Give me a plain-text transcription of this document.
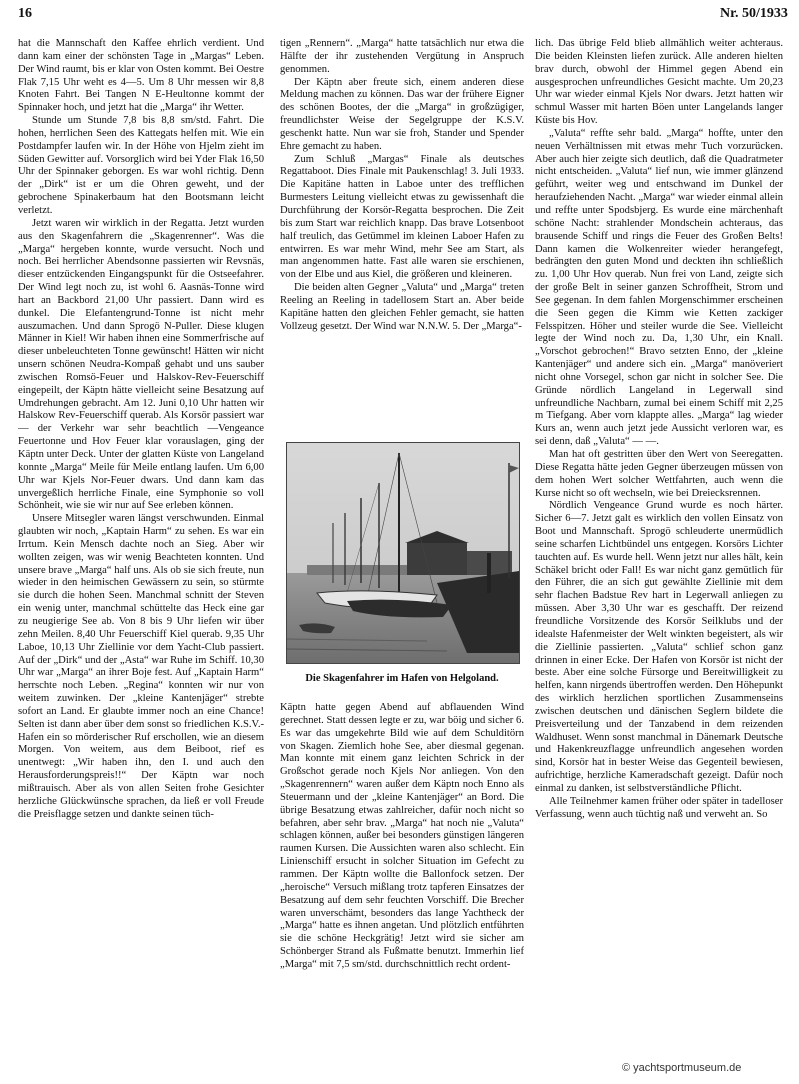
16	Nr. 50/1933

hat die Mannschaft den Kaffee ehrlich verdient. Und dann kam einer der schönsten Tage in „Margas“ Leben. Der Wind raumt, bis er klar von Osten kommt. Bei Oestre Flak 7,15 Uhr weht es 4—5. Um 8 Uhr messen wir 8,8 Knoten Fahrt. Bei Tangen N E-Heultonne kommt der Spinnaker hoch, und jetzt hat die „Marga“ ihr Wetter.

Stunde um Stunde 7,8 bis 8,8 sm/std. Fahrt. Die hohen, herrlichen Seen des Kattegats helfen mit. Wie ein Postdampfer laufen wir. In der Höhe von Hjelm zieht im Süden Gewitter auf. Vorsorglich wird bei Yder Flak 16,50 Uhr der Spinnaker geborgen. Es war wohl richtig. Denn der „Dirk“ ist er um die Ohren geweht, und der gebrochene Spinakerbaum hat den Bootsmann leicht verletzt.

Jetzt waren wir wirklich in der Regatta. Jetzt wurden aus den Skagenfahrern die „Skagenrenner“. Was die „Marga“ hergeben konnte, wurde versucht. Noch und noch. Bei herrlicher Abendsonne passierten wir Revsnäs, dieser entzückenden Eingangspunkt für die Ostseefahrer. Der Wind legt noch zu, ist wohl 6. Aasnäs-Tonne wird hart an Backbord 21,00 Uhr passiert. Dann wird es dunkel. Die Elefantengrund-Tonne ist nicht mehr auszumachen. Und dann Sprogö N-Puller. Diese klugen Männer in Kiel! Wir haben ihnen eine Sommerfrische auf dieser unbeleuchteten Tonne gewünscht! Hätten wir nicht unsern schönen Neudra-Kompaß gehabt und uns sauber zwischen Romsö-Feuer und Halskov-Rev-Feuerschiff eingepeilt, der Käptn hätte vielleicht seine Besatzung auf Umdrehungen gebracht. Am 12. Juni 0,10 Uhr hatten wir Halskow Rev-Feuerschiff querab. Als Korsör passiert war — der Verkehr war sehr beachtlich —Vengeance Feuertonne und Hov Feuer klar vorauslagen, ging der Käptn unter Deck. Unter der glatten Küste von Langeland konnte „Marga“ Meile für Meile entlang laufen. Um 6,00 Uhr war Kjels Nor-Feuer dwars. Und dann kam das unvergeßlich herrliche Finale, eine Symphonie so voll Schönheit, wie sie wir nur auf See erleben können.

Unsere Mitsegler waren längst verschwunden. Einmal glaubten wir noch, „Kaptain Harm“ zu sehen. Es war ein Irrtum. Kein Mensch dachte noch an Sieg. Aber wir wollten zeigen, was wir wenig Beachteten konnten. Und unsere brave „Marga“ half uns. Als ob sie sich freute, nun wieder in den heimischen Gewässern zu sein, so stürmte sie durch die hohen Seen. Manchmal schnitt der Steven ein wenig unter, manchmal schüttelte das Heck eine gar zu neugierige See ab. Von 8 bis 9 Uhr liefen wir über zehn Meilen. 8,40 Uhr Feuerschiff Kiel querab. 9,35 Uhr Laboe, 10,13 Uhr Ziellinie vor dem Yacht-Club passiert. Auf der „Dirk“ und der „Asta“ war Ruhe im Schiff. 10,30 Uhr war „Marga“ an ihrer Boje fest. Auf „Kaptain Harm“ herrschte noch Leben. „Regina“ konnten wir nur von weitem zuwinken. Der „kleine Kantenjäger“ strebte sofort an Land. Er glaubte immer noch an eine Chance! Selten ist dann aber über dem sonst so friedlichen K.S.V.-Hafen ein so mörderischer Ruf erschollen, wie an diesem Morgen. Von weitem, aus dem Beiboot, rief es unentwegt: „Wir haben ihn, den I. und auch den Herausforderungspreis!!“ Der Käptn war noch mißtrauisch. Aber als von allen Seiten frohe Gesichter herzliche Glückwünsche sprachen, da ließ er voll Freude die Preisflagge setzen und dankte seinen tüch-

tigen „Rennern“. „Marga“ hatte tatsächlich nur etwa die Hälfte der ihr zustehenden Vergütung in Anspruch genommen.

Der Käptn aber freute sich, einem anderen diese Meldung machen zu können. Das war der frühere Eigner des schönen Bootes, der die „Marga“ in großzügiger, freundlichster Weise der Segelgruppe der K.S.V. geschenkt hatte. Nun war sie froh, Stander und Spender Ehre gemacht zu haben.

Zum Schluß „Margas“ Finale als deutsches Regattaboot. Dies Finale mit Paukenschlag! 3. Juli 1933. Die Kapitäne hatten in Laboe unter des trefflichen Burmesters Leitung vielleicht etwas zu gewissenhaft die Durchführung der Korsör-Regatta besprochen. Die Zeit bis zum Start war reichlich knapp. Das brave Lotsenboot half treulich, das Getümmel im kleinen Laboer Hafen zu entwirren. Es war mehr Wind, mehr See am Start, als man angenommen hatte. Fast alle waren sie erschienen, von der Elbe und aus Kiel, die größeren und kleineren.

Die beiden alten Gegner „Valuta“ und „Marga“ treten Reeling an Reeling in tadellosem Start an. Aber beide Kapitäne hatten den gleichen Fehler gemacht, sie hatten Vollzeug gesetzt. Der Wind war N.N.W. 5. Der „Marga“-

Die Skagenfahrer im Hafen von Helgoland.

Käptn hatte gegen Abend auf abflauenden Wind gerechnet. Statt dessen legte er zu, war böig und sicher 6. Es war das umgekehrte Bild wie auf dem Schulditörn von Skagen. Ziemlich hohe See, aber diesmal gegenan. Man konnte mit einem ganz leichten Schrick in der Großschot gerade noch Kjels Nor anliegen. Von den „Skagenrennern“ waren außer dem Käptn noch Enno als Steuermann und der „kleine Kantenjäger“ an Bord. Die übrige Besatzung etwas zahlreicher, dafür noch nicht so befahren, aber sehr brav. „Marga“ hat noch nie „Valuta“ schlagen können, außer bei besonders günstigen längeren raumen Kursen. Die Aussichten waren also schlecht. Ein Linienschiff ersucht in solcher Situation im Gefecht zu rammen. Der Käptn wollte die Ballonfock setzen. Der „heroische“ Versuch mißlang trotz tapferen Einsatzes der Besatzung auf dem sehr feuchten Vorschiff. Die Brecher waren unverschämt, besonders das lange Yachtheck der „Marga“ hatte es ihnen angetan. Und plötzlich entführten sie die schöne Heckgrätig! Jetzt wird sie sicher am Schönberger Strand als Fußmatte benutzt. Immerhin lief „Marga“ mit 7,5 sm/std. durchschnittlich recht ordent-

lich. Das übrige Feld blieb allmählich weiter achteraus. Die beiden Kleinsten liefen zurück. Alle anderen hielten brav durch, obwohl der Himmel gegen Abend ein ausgesprochen unfreundliches Gesicht machte. Um 20,23 Uhr war wieder einmal Kjels Nor dwars. Jetzt hatten wir schmul Wasser mit harten Böen unter Langelands langer Küste bis Hov.

„Valuta“ reffte sehr bald. „Marga“ hoffte, unter den neuen Verhältnissen mit etwas mehr Tuch vorzurücken. Aber auch hier zeigte sich deutlich, daß die Quadratmeter nicht entscheiden. „Valuta“ lief nun, wie immer glänzend geführt, weiter weg und entschwand im Dunkel der heraufziehenden Nacht. „Marga“ war wieder einmal allein und reffte unter Spodsbjerg. Es wurde eine märchenhaft schöne Nacht: strahlender Mondschein achteraus, das brausende Schiff und rings die Feuer des Großen Belts! Dann kamen die Wolkenreiter wieder herangefegt, bedrängten den guten Mond und deckten ihn schließlich zu. 1,00 Uhr Hov querab. Nun frei von Land, zeigte sich der große Belt in seiner ganzen Schroffheit, Strom und See gegenan. In dem fahlen Morgenschimmer erscheinen die Seen gegen die Kimm wie Ketten zackiger Felsspitzen. Höher und steiler wurde die See. Vielleicht legte der Wind noch zu. Da, 1,30 Uhr, ein Knall. „Vorschot gebrochen!“ Bravo setzten Enno, der „kleine Kantenjäger“ und andere sich ein. „Marga“ manöveriert nicht ohne Vorsegel, schon gar nicht in solcher See. Die Gründe nördlich Langeland in Legerwall sind unfreundliche Nachbarn, zumal bei einem Schiff mit 2,25 m Tiefgang. Aber vorn klappte alles. „Marga“ lag wieder Kurs an, wenn auch jetzt jede Aussicht verloren war, es sei denn, daß „Valuta“ — —.

Man hat oft gestritten über den Wert von Seeregatten. Diese Regatta hätte jeden Gegner überzeugen müssen von dem hohen Wert solcher Wettfahrten, auch wenn die Kurse nicht so oft wechseln, wie bei Dreiecksrennen.

Nördlich Vengeance Grund wurde es noch härter. Sicher 6—7. Jetzt galt es wirklich den vollen Einsatz von Boot und Mannschaft. Sprogö schleuderte unermüdlich seine scharfen Lichtbündel uns entgegen. Korsörs Lichter tauchten auf. Es wurde hell. Wenn jetzt nur alles hält, kein Schäkel bricht oder Fall! Es war nicht ganz gemütlich für den Führer, die an sich gut gewählte Ziellinie mit dem sehr flachen Badstue Rev hart in Legerwall anliegen zu müssen. Aber 3,30 Uhr war es geschafft. Der reizend freundliche Vorsitzende des Korsör Seilklubs und der idealste Hafenmeister der Welt winkten begeistert, als wir die Ziellinie passierten. „Valuta“ schlief schon ganz drinnen in einer Ecke. Der Hafen von Korsör ist nicht der beste. Aber eine solche Fürsorge und Bereitwilligkeit zu helfen, kann nirgends übertroffen werden. Den Höhepunkt des wirklich herzlichen sportlichen Zusammenseins zwischen deutschen und dänischen Seglern bildete die Preisverteilung und der Tanzabend in dem reizenden Waldhuset. Wenn sonst manchmal in Dänemark Deutsche und Hakenkreuzflagge unfreundlich angesehen worden sind, Korsör hat in bester Weise das Gegenteil bewiesen, aufrichtige, herzliche Kameradschaft gezeigt. Dafür noch einmal zu danken, ist selbstverständliche Pflicht.

Alle Teilnehmer kamen früher oder später in tadelloser Verfassung, wenn auch tüchtig naß und verweht an. So

© yachtsportmuseum.de
